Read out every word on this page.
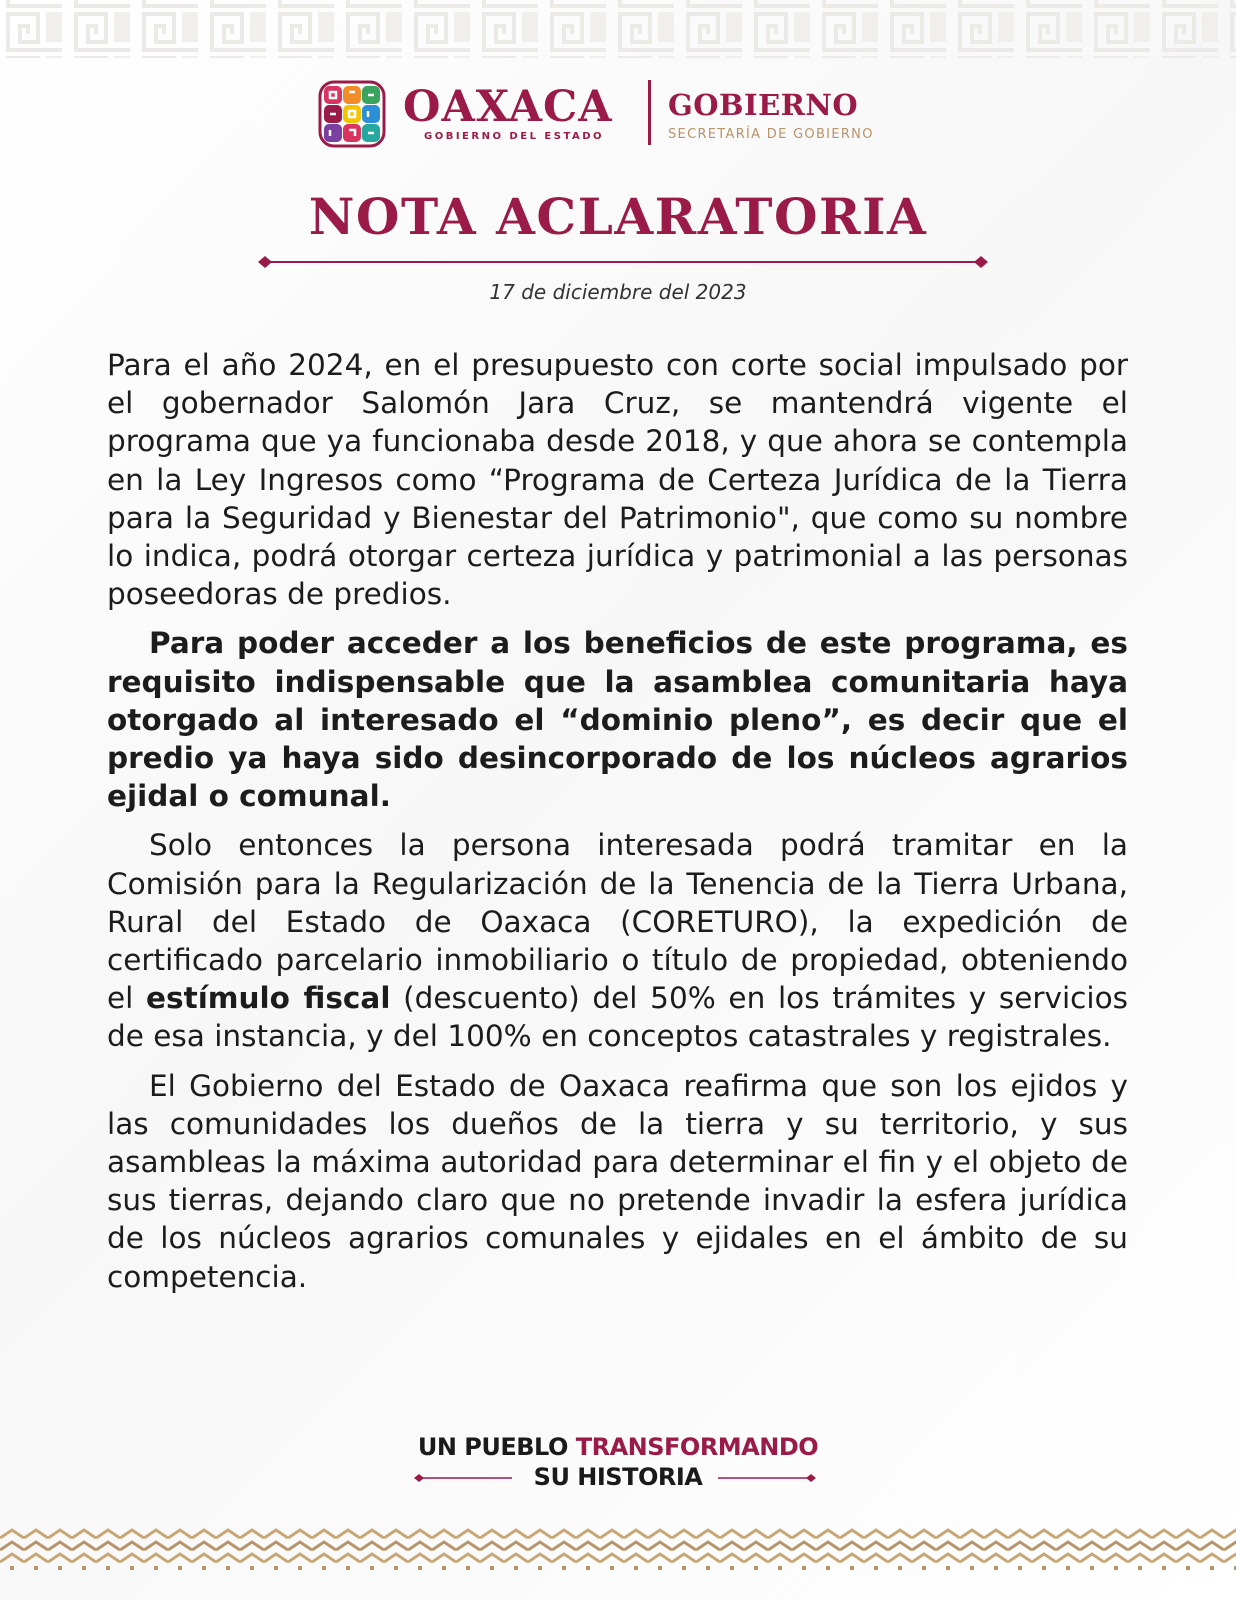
OAXACA
GOBIERNO DEL ESTADO
GOBIERNO
SECRETARÍA DE GOBIERNO
NOTA ACLARATORIA
17 de diciembre del 2023

Para el año 2024, en el presupuesto con corte social impulsado por el gobernador Salomón Jara Cruz, se mantendrá vigente el programa que ya funcionaba desde 2018, y que ahora se contempla en la Ley Ingresos como “Programa de Certeza Jurídica de la Tierra para la Seguridad y Bienestar del Patrimonio", que como su nombre lo indica, podrá otorgar certeza jurídica y patrimonial a las personas poseedoras de predios.

Para poder acceder a los beneficios de este programa, es requisito indispensable que la asamblea comunitaria haya otorgado al interesado el “dominio pleno”, es decir que el predio ya haya sido desincorporado de los núcleos agrarios ejidal o comunal.

Solo entonces la persona interesada podrá tramitar en la Comisión para la Regularización de la Tenencia de la Tierra Urbana, Rural del Estado de Oaxaca (CORETURO), la expedición de certificado parcelario inmobiliario o título de propiedad, obteniendo el estímulo fiscal (descuento) del 50% en los trámites y servicios de esa instancia, y del 100% en conceptos catastrales y registrales.

El Gobierno del Estado de Oaxaca reafirma que son los ejidos y las comunidades los dueños de la tierra y su territorio, y sus asambleas la máxima autoridad para determinar el fin y el objeto de sus tierras, dejando claro que no pretende invadir la esfera jurídica de los núcleos agrarios comunales y ejidales en el ámbito de su competencia.

UN PUEBLO TRANSFORMANDO
SU HISTORIA
